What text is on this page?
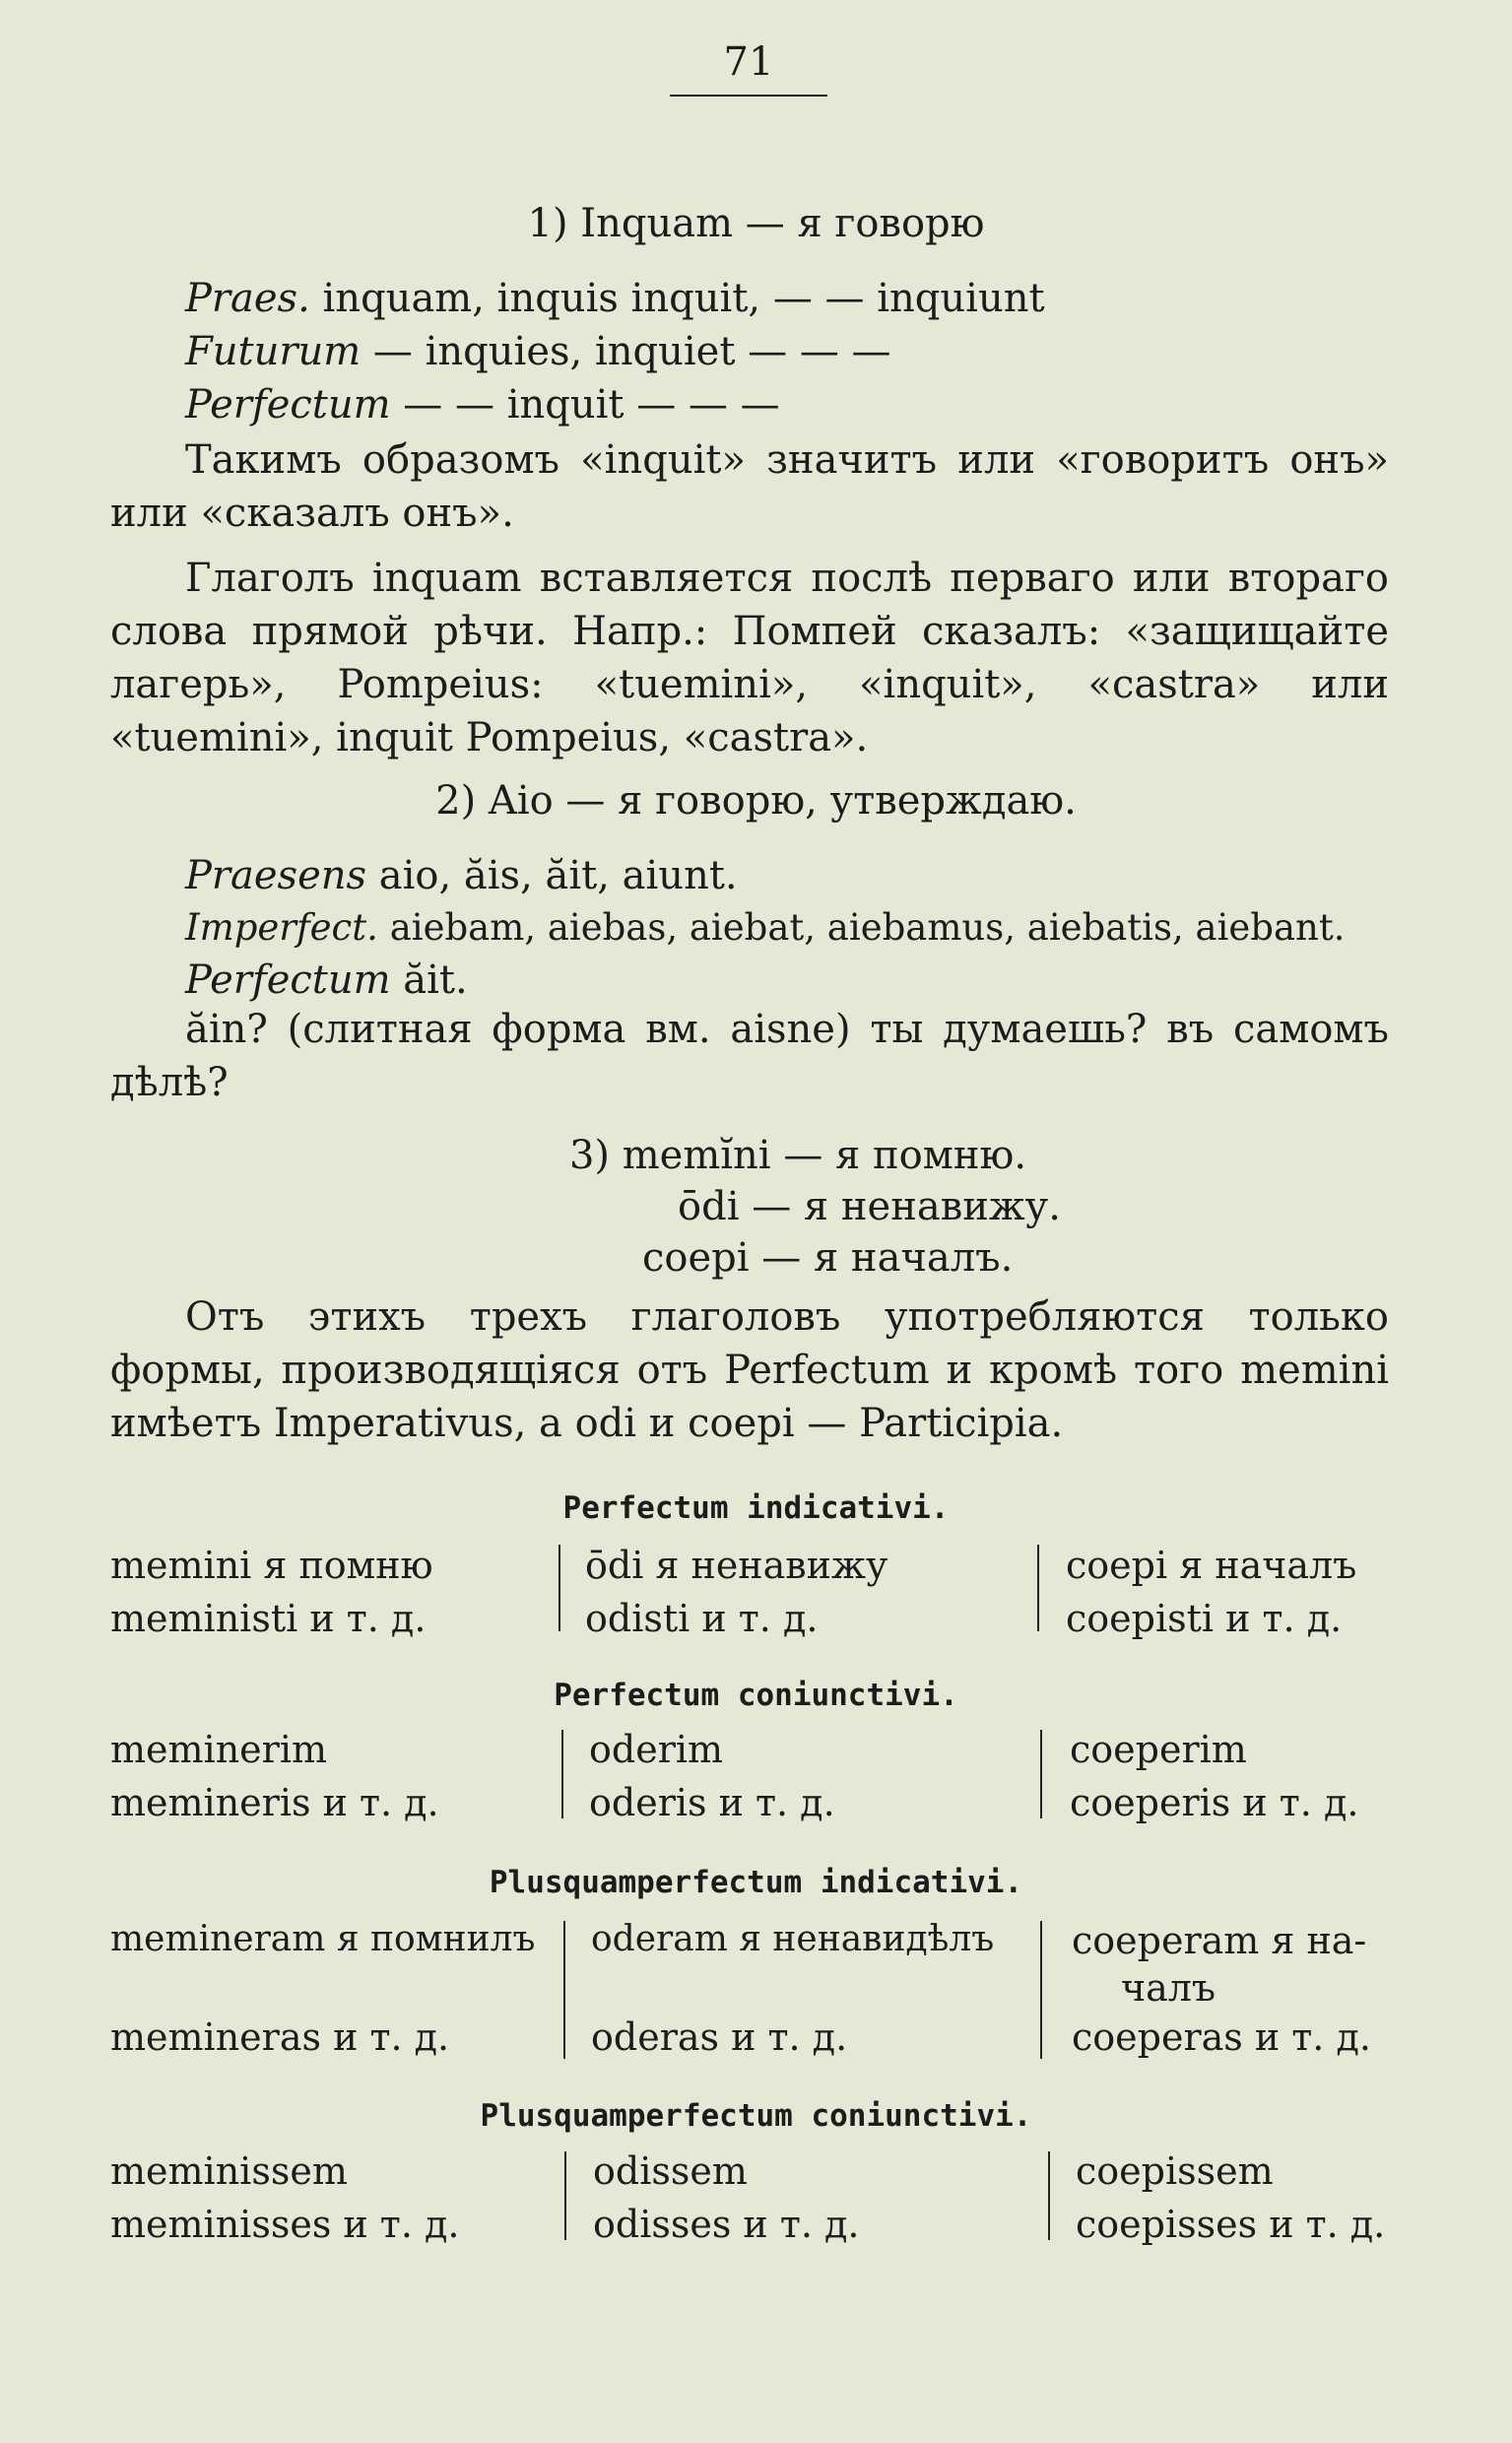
71
1) Inquam — я говорю
Praes. inquam, inquis inquit, — — inquiunt
Futurum — inquies, inquiet — — —
Perfectum — — inquit — — —

Такимъ образомъ «inquit» значитъ или «говоритъ онъ» или «сказалъ онъ».

Глаголъ inquam вставляется послѣ перваго или втораго слова прямой рѣчи. Напр.: Помпей сказалъ: «защищайте лагерь», Pompeius: «tuemini», «inquit», «castra» или «tuemini», inquit Pompeius, «castra».

2) Aio — я говорю, утверждаю.
Praesens aio, ăis, ăit, aiunt.
Imperfect. aiebam, aiebas, aiebat, aiebamus, aiebatis, aiebant.
Perfectum ăit.

ăin? (слитная форма вм. aisne) ты думаешь? въ самомъ дѣлѣ?

3) memĭni — я помню.
ōdi — я ненавижу.
coepi — я началъ.

Отъ этихъ трехъ глаголовъ употребляются только формы, производящіяся отъ Perfectum и кромѣ того memini имѣетъ Imperativus, a odi и coepi — Participia.

Perfectum indicativi.
memini я помню
meministi и т. д.
ōdi я ненавижу
odisti и т. д.
coepi я началъ
coepisti и т. д.
Perfectum coniunctivi.
meminerim
memineris и т. д.
oderim
oderis и т. д.
coeperim
coeperis и т. д.
Plusquamperfectum indicativi.
memineram я помнилъ
memineras и т. д.
oderam я ненавидѣлъ
oderas и т. д.
coeperam я на-
чалъ
coeperas и т. д.
Plusquamperfectum coniunctivi.
meminissem
meminisses и т. д.
odissem
odisses и т. д.
coepissem
coepisses и т. д.
